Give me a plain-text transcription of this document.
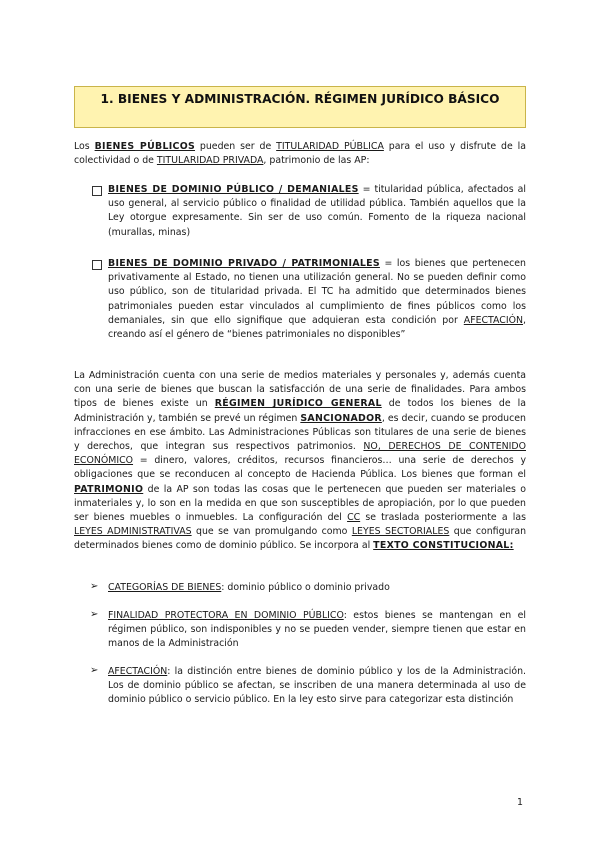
1. BIENES Y ADMINISTRACIÓN. RÉGIMEN JURÍDICO BÁSICO

Los BIENES PÚBLICOS pueden ser de TITULARIDAD PÚBLICA para el uso y disfrute de la colectividad o de TITULARIDAD PRIVADA, patrimonio de las AP:

BIENES DE DOMINIO PÚBLICO / DEMANIALES = titularidad pública, afectados al uso general, al servicio público o finalidad de utilidad pública. También aquellos que la Ley otorgue expresamente. Sin ser de uso común. Fomento de la riqueza nacional (murallas, minas)

BIENES DE DOMINIO PRIVADO / PATRIMONIALES = los bienes que pertenecen privativamente al Estado, no tienen una utilización general. No se pueden definir como uso público, son de titularidad privada. El TC ha admitido que determinados bienes patrimoniales pueden estar vinculados al cumplimiento de fines públicos como los demaniales, sin que ello signifique que adquieran esta condición por AFECTACIÓN, creando así el género de “bienes patrimoniales no disponibles”

La Administración cuenta con una serie de medios materiales y personales y, además cuenta con una serie de bienes que buscan la satisfacción de una serie de finalidades. Para ambos tipos de bienes existe un RÉGIMEN JURÍDICO GENERAL de todos los bienes de la Administración y, también se prevé un régimen SANCIONADOR, es decir, cuando se producen infracciones en ese ámbito. Las Administraciones Públicas son titulares de una serie de bienes y derechos, que integran sus respectivos patrimonios. NO, DERECHOS DE CONTENIDO ECONÓMICO = dinero, valores, créditos, recursos financieros… una serie de derechos y obligaciones que se reconducen al concepto de Hacienda Pública. Los bienes que forman el PATRIMONIO de la AP son todas las cosas que le pertenecen que pueden ser materiales o inmateriales y, lo son en la medida en que son susceptibles de apropiación, por lo que pueden ser bienes muebles o inmuebles. La configuración del CC se traslada posteriormente a las LEYES ADMINISTRATIVAS que se van promulgando como LEYES SECTORIALES que configuran determinados bienes como de dominio público. Se incorpora al TEXTO CONSTITUCIONAL:

➢ CATEGORÍAS DE BIENES: dominio público o dominio privado

➢ FINALIDAD PROTECTORA EN DOMINIO PÚBLICO: estos bienes se mantengan en el régimen público, son indisponibles y no se pueden vender, siempre tienen que estar en manos de la Administración

➢ AFECTACIÓN: la distinción entre bienes de dominio público y los de la Administración. Los de dominio público se afectan, se inscriben de una manera determinada al uso de dominio público o servicio público. En la ley esto sirve para categorizar esta distinción

1
